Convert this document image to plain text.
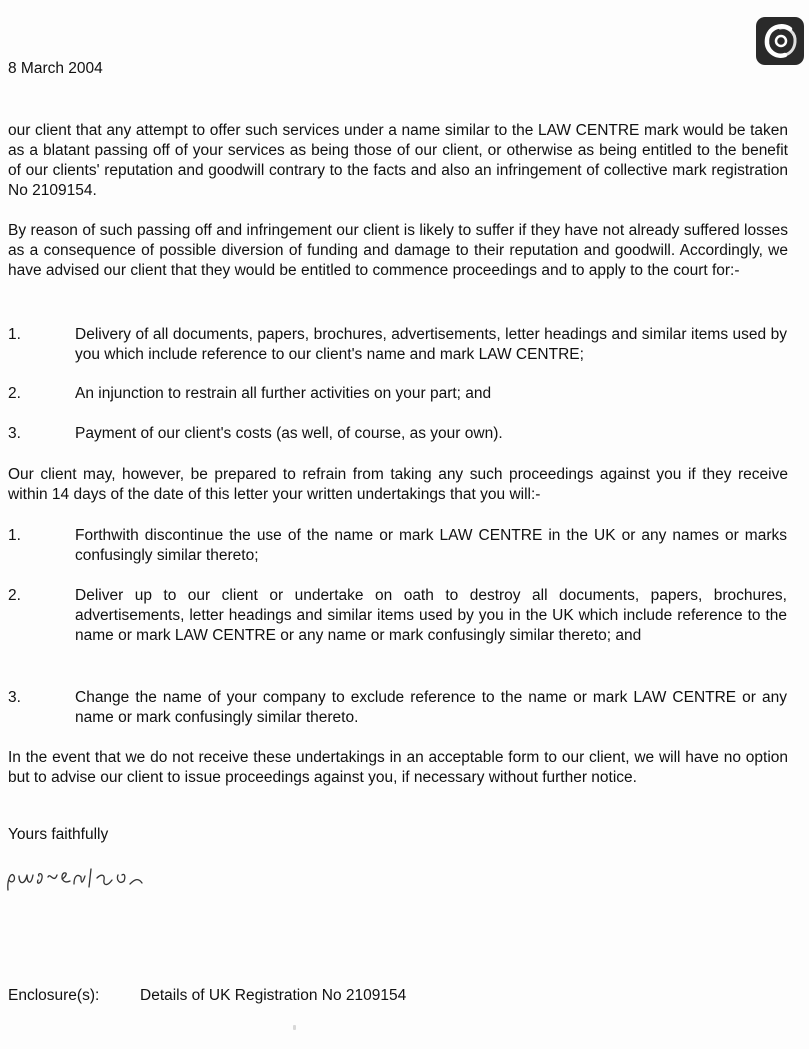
8 March 2004

our client that any attempt to offer such services under a name similar to the LAW CENTRE mark would be taken as a blatant passing off of your services as being those of our client, or otherwise as being entitled to the benefit of our clients' reputation and goodwill contrary to the facts and also an infringement of collective mark registration No 2109154.

By reason of such passing off and infringement our client is likely to suffer if they have not already suffered losses as a consequence of possible diversion of funding and damage to their reputation and goodwill. Accordingly, we have advised our client that they would be entitled to commence proceedings and to apply to the court for:-

1.	Delivery of all documents, papers, brochures, advertisements, letter headings and similar items used by you which include reference to our client's name and mark LAW CENTRE;
2.	An injunction to restrain all further activities on your part; and
3.	Payment of our client's costs (as well, of course, as your own).

Our client may, however, be prepared to refrain from taking any such proceedings against you if they receive within 14 days of the date of this letter your written undertakings that you will:-

1.	Forthwith discontinue the use of the name or mark LAW CENTRE in the UK or any names or marks confusingly similar thereto;
2.	Deliver up to our client or undertake on oath to destroy all documents, papers, brochures, advertisements, letter headings and similar items used by you in the UK which include reference to the name or mark LAW CENTRE or any name or mark confusingly similar thereto; and
3.	Change the name of your company to exclude reference to the name or mark LAW CENTRE or any name or mark confusingly similar thereto.

In the event that we do not receive these undertakings in an acceptable form to our client, we will have no option but to advise our client to issue proceedings against you, if necessary without further notice.

Yours faithfully
Enclosure(s):	Details of UK Registration No 2109154
